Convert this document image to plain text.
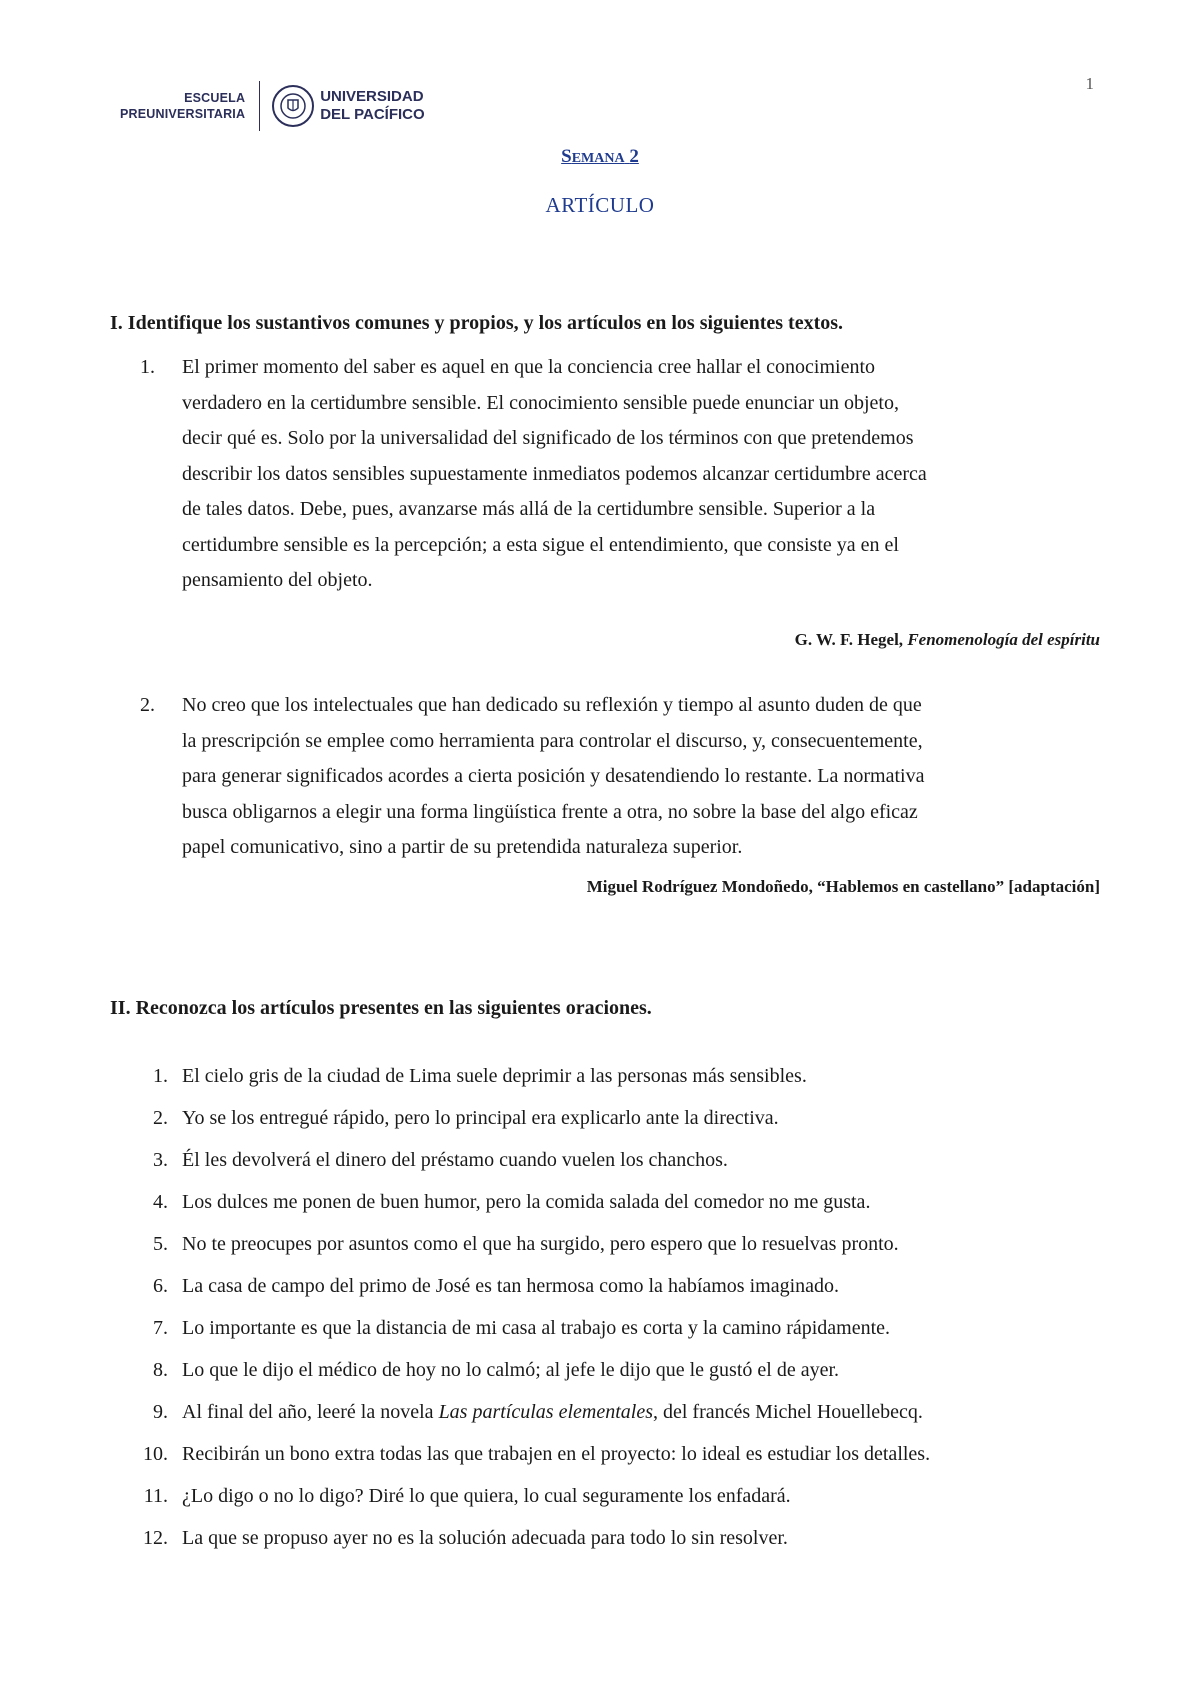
1
ESCUELA
PREUNIVERSITARIA
UNIVERSIDAD
DEL PACÍFICO
SEMANA 2
ARTÍCULO
I. Identifique los sustantivos comunes y propios, y los artículos en los siguientes textos.
1. El primer momento del saber es aquel en que la conciencia cree hallar el conocimiento
verdadero en la certidumbre sensible. El conocimiento sensible puede enunciar un objeto,
decir qué es. Solo por la universalidad del significado de los términos con que pretendemos
describir los datos sensibles supuestamente inmediatos podemos alcanzar certidumbre acerca
de tales datos. Debe, pues, avanzarse más allá de la certidumbre sensible. Superior a la
certidumbre sensible es la percepción; a esta sigue el entendimiento, que consiste ya en el
pensamiento del objeto.
G. W. F. Hegel, Fenomenología del espíritu
2. No creo que los intelectuales que han dedicado su reflexión y tiempo al asunto duden de que
la prescripción se emplee como herramienta para controlar el discurso, y, consecuentemente,
para generar significados acordes a cierta posición y desatendiendo lo restante. La normativa
busca obligarnos a elegir una forma lingüística frente a otra, no sobre la base del algo eficaz
papel comunicativo, sino a partir de su pretendida naturaleza superior.
Miguel Rodríguez Mondoñedo, “Hablemos en castellano” [adaptación]
II. Reconozca los artículos presentes en las siguientes oraciones.
1. El cielo gris de la ciudad de Lima suele deprimir a las personas más sensibles.
2. Yo se los entregué rápido, pero lo principal era explicarlo ante la directiva.
3. Él les devolverá el dinero del préstamo cuando vuelen los chanchos.
4. Los dulces me ponen de buen humor, pero la comida salada del comedor no me gusta.
5. No te preocupes por asuntos como el que ha surgido, pero espero que lo resuelvas pronto.
6. La casa de campo del primo de José es tan hermosa como la habíamos imaginado.
7. Lo importante es que la distancia de mi casa al trabajo es corta y la camino rápidamente.
8. Lo que le dijo el médico de hoy no lo calmó; al jefe le dijo que le gustó el de ayer.
9. Al final del año, leeré la novela Las partículas elementales, del francés Michel Houellebecq.
10. Recibirán un bono extra todas las que trabajen en el proyecto: lo ideal es estudiar los detalles.
11. ¿Lo digo o no lo digo? Diré lo que quiera, lo cual seguramente los enfadará.
12. La que se propuso ayer no es la solución adecuada para todo lo sin resolver.
